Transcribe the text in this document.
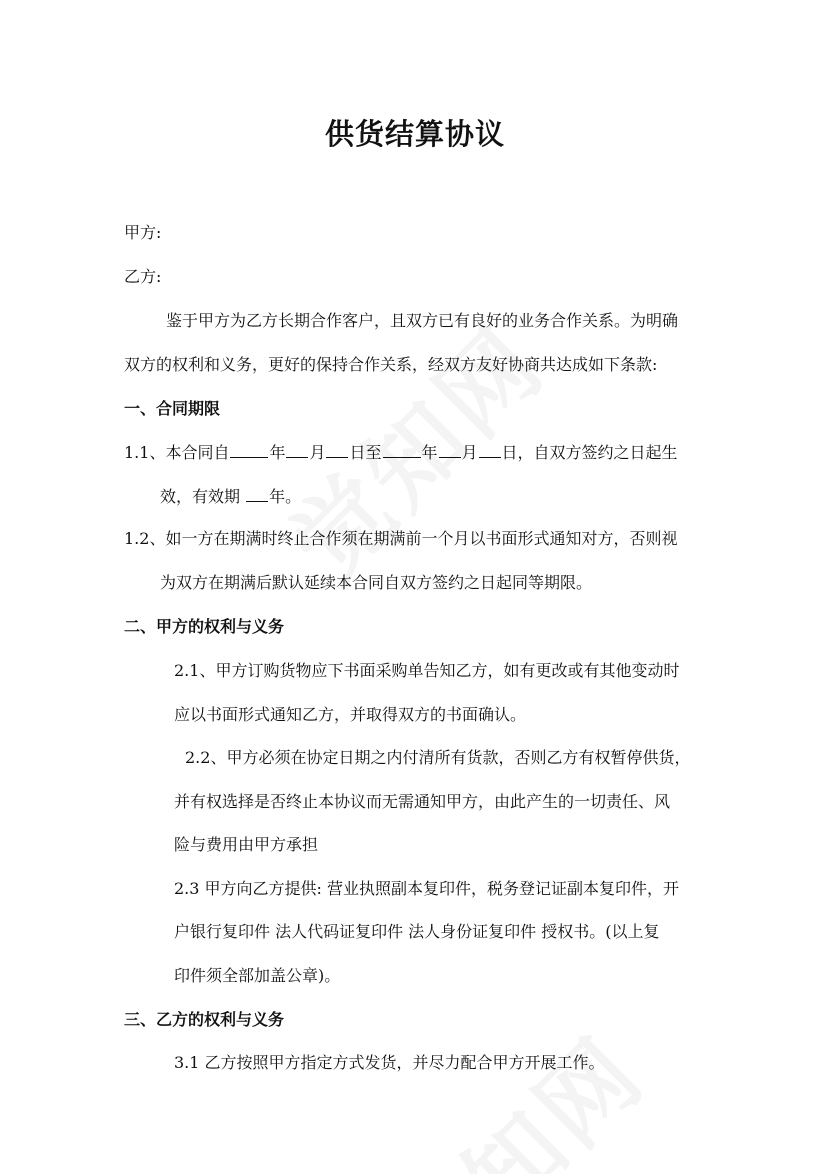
供货结算协议
甲方:
乙方:
鉴于甲方为乙方长期合作客户，且双方已有良好的业务合作关系。为明确
双方的权利和义务，更好的保持合作关系，经双方友好协商共达成如下条款:
一、合同期限
1.1、本合同自	年 月 日至	年 月 日，自双方签约之日起生
效，有效期 年。
1.2、如一方在期满时终止合作须在期满前一个月以书面形式通知对方，否则视
为双方在期满后默认延续本合同自双方签约之日起同等期限。
二、甲方的权利与义务
2.1、甲方订购货物应下书面采购单告知乙方，如有更改或有其他变动时
应以书面形式通知乙方，并取得双方的书面确认。
2.2、甲方必须在协定日期之内付清所有货款，否则乙方有权暂停供货，
并有权选择是否终止本协议而无需通知甲方，由此产生的一切责任、风
险与费用由甲方承担
2.3 甲方向乙方提供: 营业执照副本复印件，税务登记证副本复印件，开
户银行复印件 法人代码证复印件 法人身份证复印件 授权书。(以上复
印件须全部加盖公章)。
三、乙方的权利与义务
3.1 乙方按照甲方指定方式发货，并尽力配合甲方开展工作。
